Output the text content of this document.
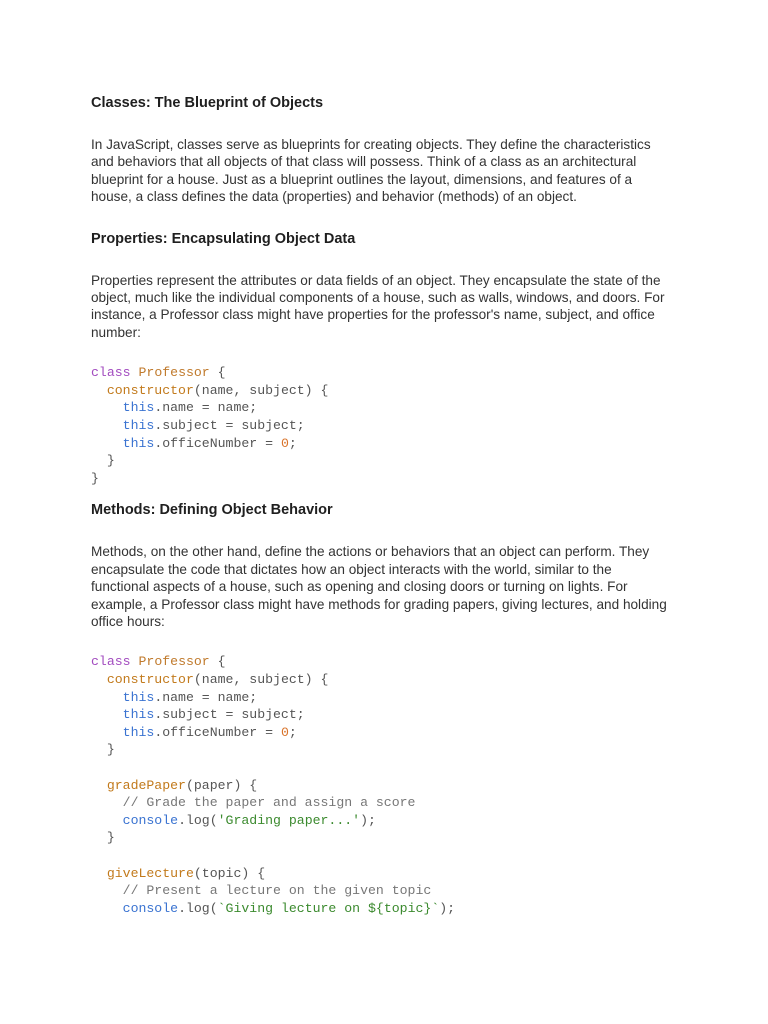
Classes: The Blueprint of Objects

In JavaScript, classes serve as blueprints for creating objects. They define the characteristics and behaviors that all objects of that class will possess. Think of a class as an architectural blueprint for a house. Just as a blueprint outlines the layout, dimensions, and features of a house, a class defines the data (properties) and behavior (methods) of an object.

Properties: Encapsulating Object Data

Properties represent the attributes or data fields of an object. They encapsulate the state of the object, much like the individual components of a house, such as walls, windows, and doors. For instance, a Professor class might have properties for the professor's name, subject, and office number:

class Professor {
constructor(name, subject) {
this.name = name;
this.subject = subject;
this.officeNumber = 0;
}
}
Methods: Defining Object Behavior

Methods, on the other hand, define the actions or behaviors that an object can perform. They encapsulate the code that dictates how an object interacts with the world, similar to the functional aspects of a house, such as opening and closing doors or turning on lights. For example, a Professor class might have methods for grading papers, giving lectures, and holding office hours:

class Professor {
constructor(name, subject) {
this.name = name;
this.subject = subject;
this.officeNumber = 0;
}

gradePaper(paper) {
// Grade the paper and assign a score
console.log('Grading paper...');
}

giveLecture(topic) {
// Present a lecture on the given topic
console.log(`Giving lecture on ${topic}`);
